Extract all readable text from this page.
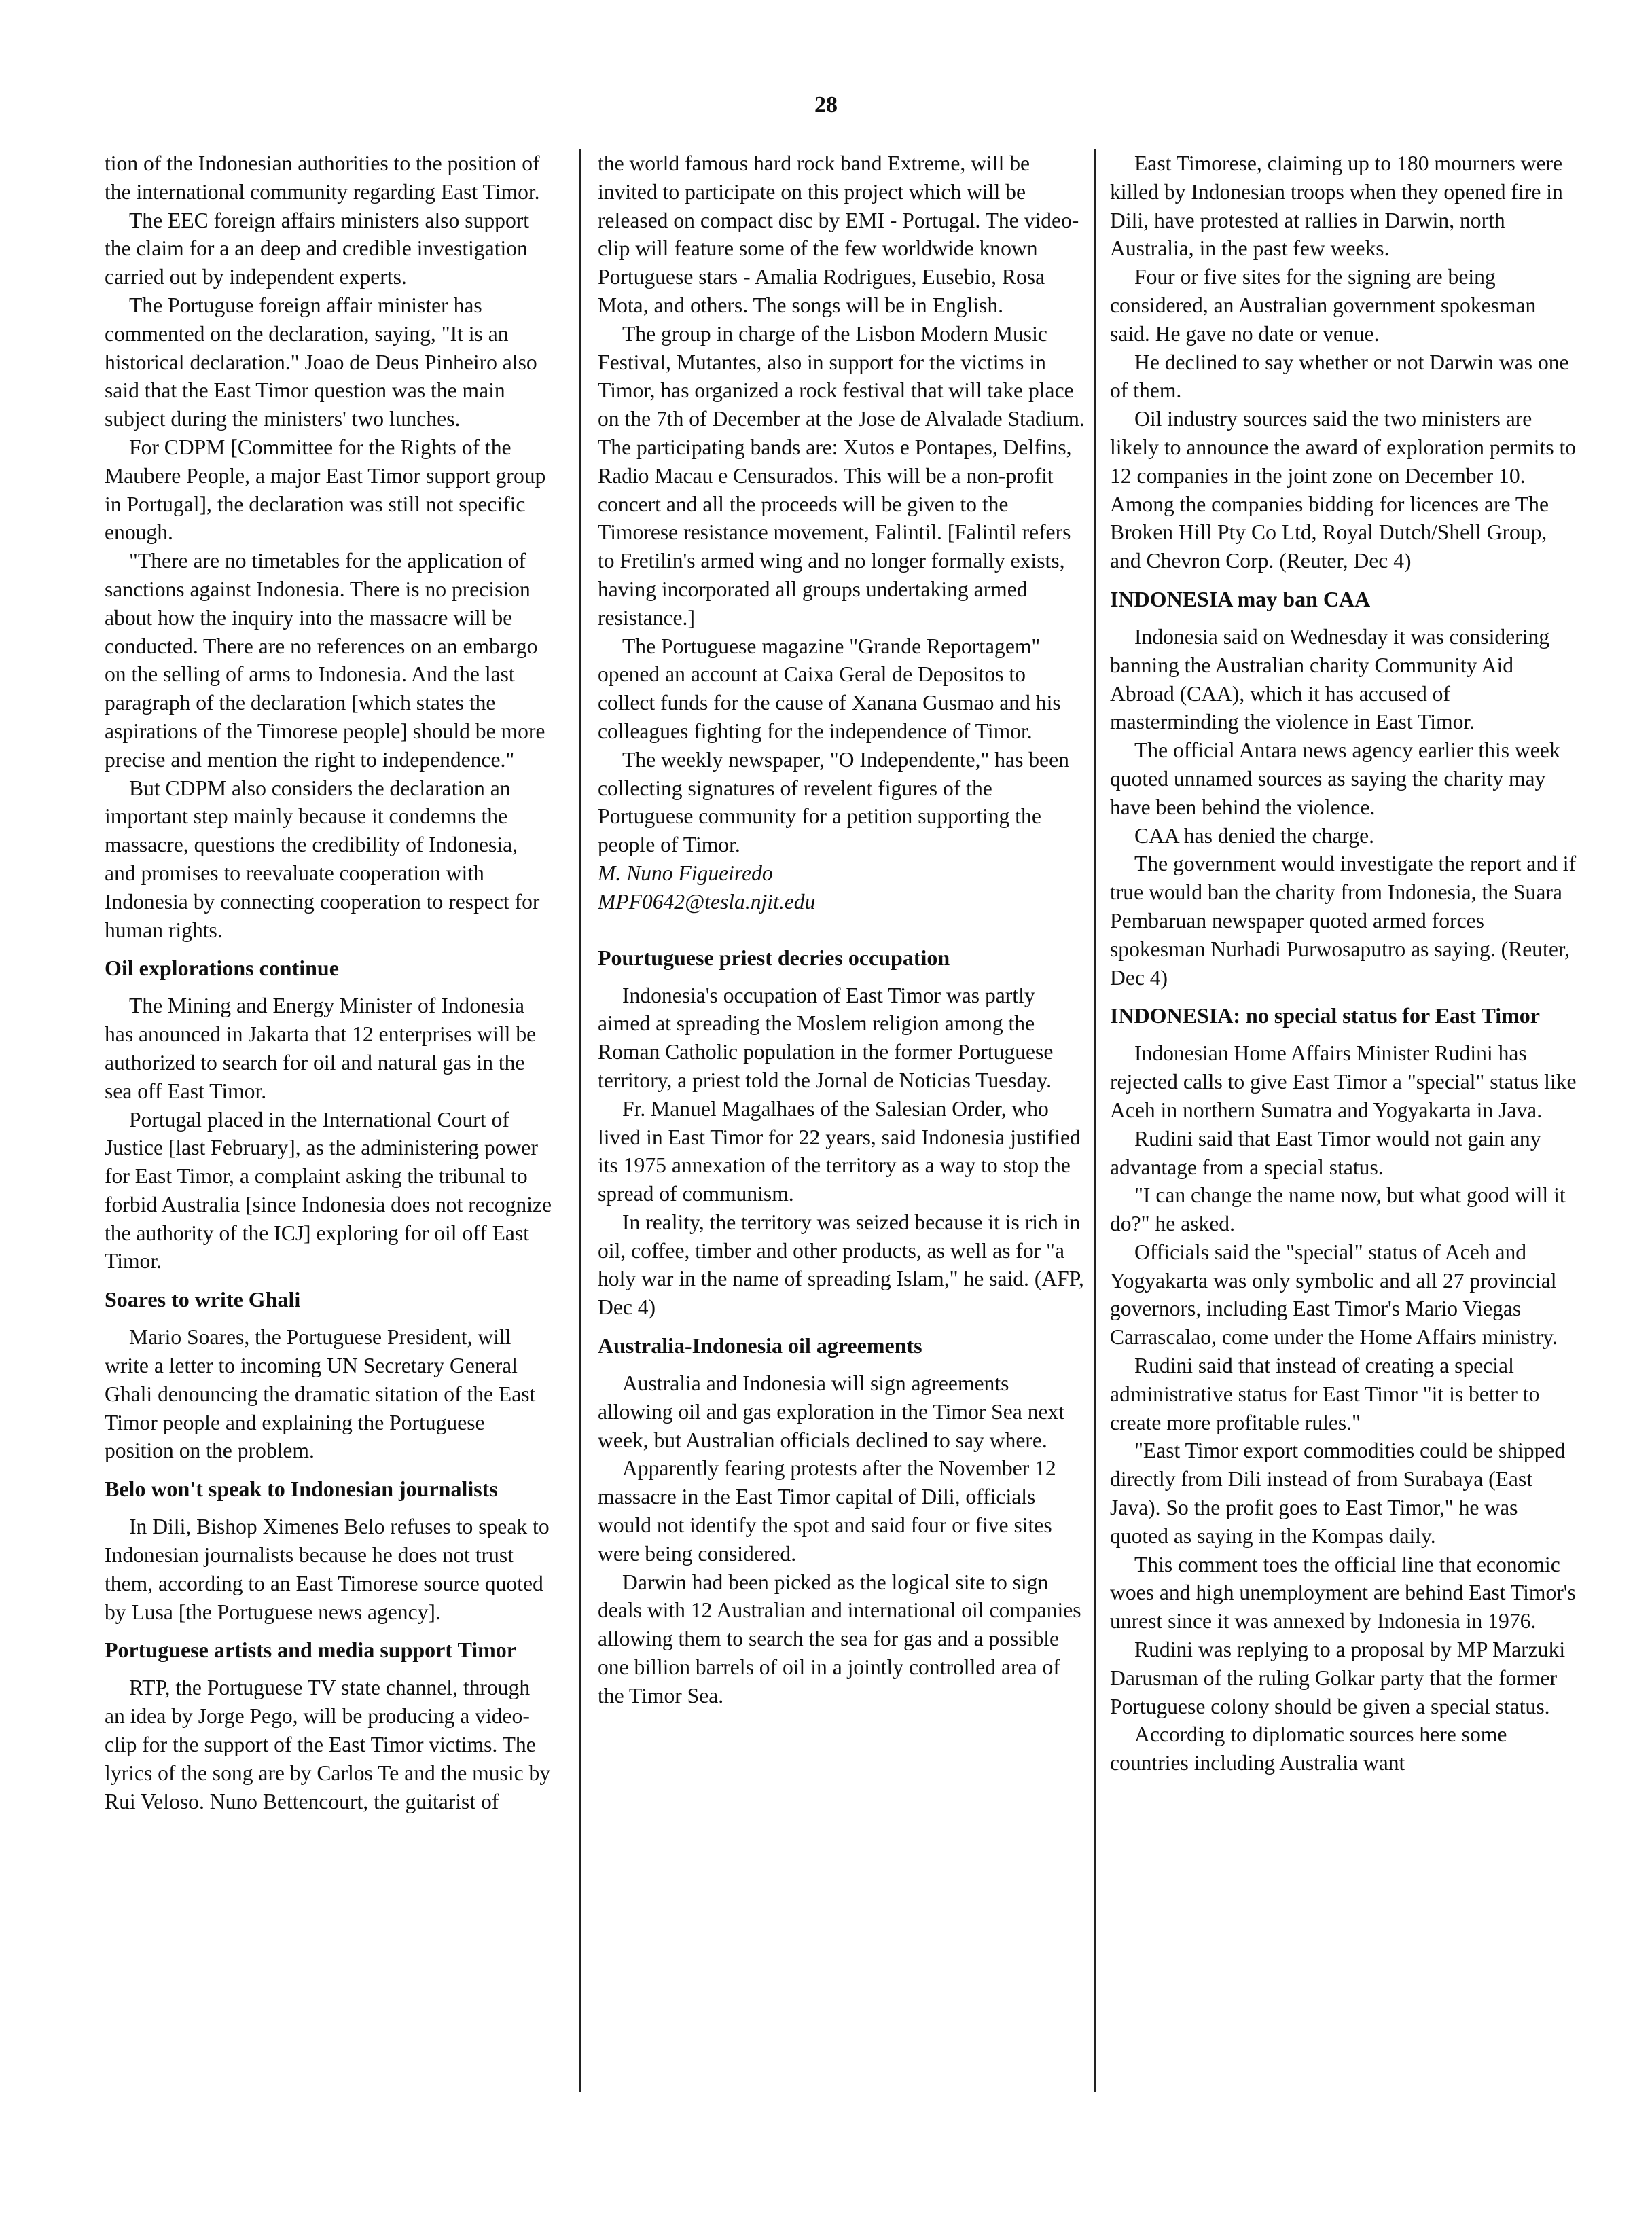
28

tion of the Indonesian authorities to the position of the international community regarding East Timor.

The EEC foreign affairs ministers also support the claim for a an deep and credible investigation carried out by independent experts.

The Portuguse foreign affair minister has commented on the declaration, saying, "It is an historical declaration." Joao de Deus Pinheiro also said that the East Timor question was the main subject during the ministers' two lunches.

For CDPM [Committee for the Rights of the Maubere People, a major East Timor support group in Portugal], the declaration was still not specific enough.

"There are no timetables for the application of sanctions against Indonesia. There is no precision about how the inquiry into the massacre will be conducted. There are no references on an embargo on the selling of arms to Indonesia. And the last paragraph of the declaration [which states the aspirations of the Timorese people] should be more precise and mention the right to independence."

But CDPM also considers the declaration an important step mainly because it condemns the massacre, questions the credibility of Indonesia, and promises to reevaluate cooperation with Indonesia by connecting cooperation to respect for human rights.

Oil explorations continue

The Mining and Energy Minister of Indonesia has anounced in Jakarta that 12 enterprises will be authorized to search for oil and natural gas in the sea off East Timor.

Portugal placed in the International Court of Justice [last February], as the administering power for East Timor, a complaint asking the tribunal to forbid Australia [since Indonesia does not recognize the authority of the ICJ] exploring for oil off East Timor.

Soares to write Ghali

Mario Soares, the Portuguese President, will write a letter to incoming UN Secretary General Ghali denouncing the dramatic sitation of the East Timor people and explaining the Portuguese position on the problem.

Belo won't speak to Indonesian journalists

In Dili, Bishop Ximenes Belo refuses to speak to Indonesian journalists because he does not trust them, according to an East Timorese source quoted by Lusa [the Portuguese news agency].

Portuguese artists and media support Timor

RTP, the Portuguese TV state channel, through an idea by Jorge Pego, will be producing a video-clip for the support of the East Timor victims. The lyrics of the song are by Carlos Te and the music by Rui Veloso. Nuno Bettencourt, the guitarist of

the world famous hard rock band Extreme, will be invited to participate on this project which will be released on compact disc by EMI - Portugal. The video-clip will feature some of the few worldwide known Portuguese stars - Amalia Rodrigues, Eusebio, Rosa Mota, and others. The songs will be in English.

The group in charge of the Lisbon Modern Music Festival, Mutantes, also in support for the victims in Timor, has organized a rock festival that will take place on the 7th of December at the Jose de Alvalade Stadium. The participating bands are: Xutos e Pontapes, Delfins, Radio Macau e Censurados. This will be a non-profit concert and all the proceeds will be given to the Timorese resistance movement, Falintil. [Falintil refers to Fretilin's armed wing and no longer formally exists, having incorporated all groups undertaking armed resistance.]

The Portuguese magazine "Grande Reportagem" opened an account at Caixa Geral de Depositos to collect funds for the cause of Xanana Gusmao and his colleagues fighting for the independence of Timor.

The weekly newspaper, "O Independente," has been collecting signatures of revelent figures of the Portuguese community for a petition supporting the people of Timor.

M. Nuno Figueiredo

MPF0642@tesla.njit.edu

Pourtuguese priest decries occupation

Indonesia's occupation of East Timor was partly aimed at spreading the Moslem religion among the Roman Catholic population in the former Portuguese territory, a priest told the Jornal de Noticias Tuesday.

Fr. Manuel Magalhaes of the Salesian Order, who lived in East Timor for 22 years, said Indonesia justified its 1975 annexation of the territory as a way to stop the spread of communism.

In reality, the territory was seized because it is rich in oil, coffee, timber and other products, as well as for "a holy war in the name of spreading Islam," he said. (AFP, Dec 4)

Australia-Indonesia oil agreements

Australia and Indonesia will sign agreements allowing oil and gas exploration in the Timor Sea next week, but Australian officials declined to say where.

Apparently fearing protests after the November 12 massacre in the East Timor capital of Dili, officials would not identify the spot and said four or five sites were being considered.

Darwin had been picked as the logical site to sign deals with 12 Australian and international oil companies allowing them to search the sea for gas and a possible one billion barrels of oil in a jointly controlled area of the Timor Sea.

East Timorese, claiming up to 180 mourners were killed by Indonesian troops when they opened fire in Dili, have protested at rallies in Darwin, north Australia, in the past few weeks.

Four or five sites for the signing are being considered, an Australian government spokesman said. He gave no date or venue.

He declined to say whether or not Darwin was one of them.

Oil industry sources said the two ministers are likely to announce the award of exploration permits to 12 companies in the joint zone on December 10. Among the companies bidding for licences are The Broken Hill Pty Co Ltd, Royal Dutch/Shell Group, and Chevron Corp. (Reuter, Dec 4)

INDONESIA may ban CAA

Indonesia said on Wednesday it was considering banning the Australian charity Community Aid Abroad (CAA), which it has accused of masterminding the violence in East Timor.

The official Antara news agency earlier this week quoted unnamed sources as saying the charity may have been behind the violence.

CAA has denied the charge.

The government would investigate the report and if true would ban the charity from Indonesia, the Suara Pembaruan newspaper quoted armed forces spokesman Nurhadi Purwosaputro as saying. (Reuter, Dec 4)

INDONESIA: no special status for East Timor

Indonesian Home Affairs Minister Rudini has rejected calls to give East Timor a "special" status like Aceh in northern Sumatra and Yogyakarta in Java.

Rudini said that East Timor would not gain any advantage from a special status.

"I can change the name now, but what good will it do?" he asked.

Officials said the "special" status of Aceh and Yogyakarta was only symbolic and all 27 provincial governors, including East Timor's Mario Viegas Carrascalao, come under the Home Affairs ministry.

Rudini said that instead of creating a special administrative status for East Timor "it is better to create more profitable rules."

"East Timor export commodities could be shipped directly from Dili instead of from Surabaya (East Java). So the profit goes to East Timor," he was quoted as saying in the Kompas daily.

This comment toes the official line that economic woes and high unemployment are behind East Timor's unrest since it was annexed by Indonesia in 1976.

Rudini was replying to a proposal by MP Marzuki Darusman of the ruling Golkar party that the former Portuguese colony should be given a special status.

According to diplomatic sources here some countries including Australia want
